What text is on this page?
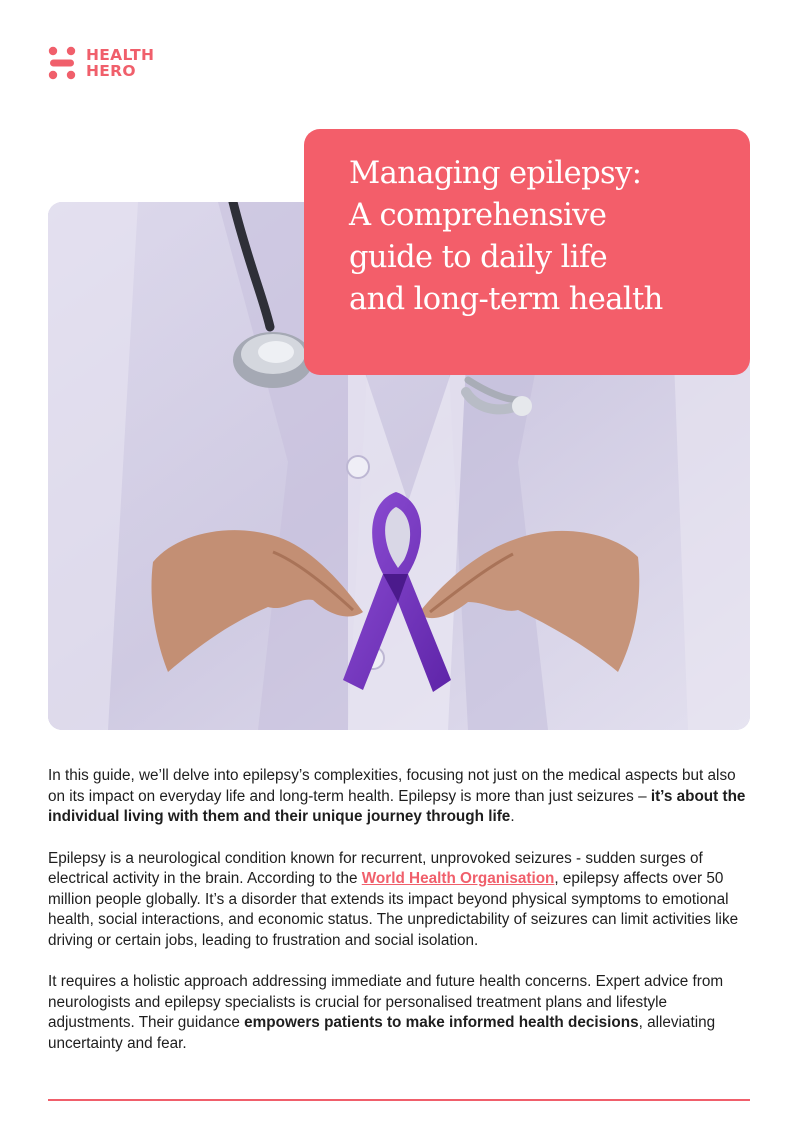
HEALTH
HERO
Managing epilepsy:
A comprehensive
guide to daily life
and long-term health

In this guide, we’ll delve into epilepsy’s complexities, focusing not just on the medical aspects but also on its impact on everyday life and long-term health. Epilepsy is more than just seizures – it’s about the individual living with them and their unique journey through life.

Epilepsy is a neurological condition known for recurrent, unprovoked seizures - sudden surges of electrical activity in the brain. According to the World Health Organisation, epilepsy affects over 50 million people globally. It’s a disorder that extends its impact beyond physical symptoms to emotional health, social interactions, and economic status. The unpredictability of seizures can limit activities like driving or certain jobs, leading to frustration and social isolation.

It requires a holistic approach addressing immediate and future health concerns. Expert advice from neurologists and epilepsy specialists is crucial for personalised treatment plans and lifestyle adjustments. Their guidance empowers patients to make informed health decisions, alleviating uncertainty and fear.
